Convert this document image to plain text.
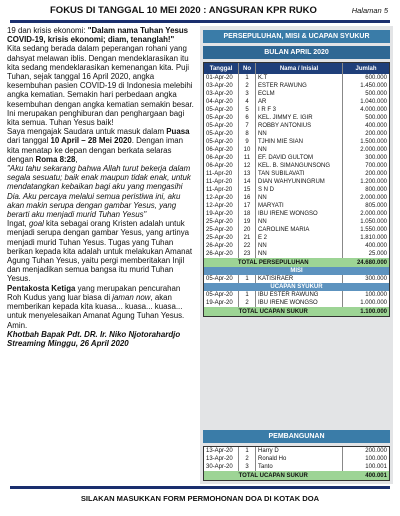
FOKUS DI TANGGAL 10 MEI 2020 : ANGSURAN KPR RUKO	Halaman 5

19 dan krisis ekonomi: "Dalam nama Tuhan Yesus COVID-19, krisis ekonomi; diam, tenanglah!"

Kita sedang berada dalam peperangan rohani yang dahsyat melawan iblis. Dengan mendeklarasikan itu kita sedang mendeklarasikan kemenangan kita. Puji Tuhan, sejak tanggal 16 April 2020, angka kesembuhan pasien COVID-19 di Indonesia melebihi angka kematian. Semakin hari perbedaan angka kesembuhan dengan angka kematian semakin besar. Ini merupakan penghiburan dan penghargaan bagi kita semua. Tuhan Yesus baik!

Saya mengajak Saudara untuk masuk dalam Puasa dari tanggal 10 April – 28 Mei 2020. Dengan iman kita menatap ke depan dengan berkata selaras dengan Roma 8:28,

"Aku tahu sekarang bahwa Allah turut bekerja dalam segala sesuatu; baik enak maupun tidak enak, untuk mendatangkan kebaikan bagi aku yang mengasihi Dia. Aku percaya melalui semua peristiwa ini, aku akan makin serupa dengan gambar Yesus, yang berarti aku menjadi murid Tuhan Yesus"

Ingat, goal kita sebagai orang Kristen adalah untuk menjadi serupa dengan gambar Yesus, yang artinya menjadi murid Tuhan Yesus. Tugas yang Tuhan berikan kepada kita adalah untuk melakukan Amanat Agung Tuhan Yesus, yaitu pergi memberitakan Injil dan menjadikan semua bangsa itu murid Tuhan Yesus.

Pentakosta Ketiga yang merupakan pencurahan Roh Kudus yang luar biasa di jaman now, akan memberikan kepada kita kuasa... kuasa... kuasa... untuk menyelesaikan Amanat Agung Tuhan Yesus. Amin.

Khotbah Bapak Pdt. DR. Ir. Niko Njotorahardjo Streaming Minggu, 26 April 2020

PERSEPULUHAN, MISI & UCAPAN SYUKUR
BULAN APRIL 2020
Tanggal	No	Nama / Inisial	Jumlah
01-Apr-20	1	K.T	600.000
03-Apr-20	2	ESTER RAWUNG	1.450.000
03-Apr-20	3	ECLM	500.000
04-Apr-20	4	AR	1.040.000
05-Apr-20	5	I R F 3	4.000.000
05-Apr-20	6	KEL. JIMMY E. IGIR	500.000
05-Apr-20	7	ROBBY ANTONIUS	400.000
05-Apr-20	8	NN	200.000
05-Apr-20	9	TJHIN MIE SIAN	1.500.000
06-Apr-20	10	NN	2.000.000
06-Apr-20	11	EF. DAVID GULTOM	300.000
06-Apr-20	12	KEL. B. SIMANGUNSONG	700.000
11-Apr-20	13	TAN SUBILAVATI	200.000
11-Apr-20	14	DIAN WAHYUNINGRUM	1.200.000
11-Apr-20	15	S N D	800.000
12-Apr-20	16	NN	2.000.000
12-Apr-20	17	MARYATI	805.000
19-Apr-20	18	IBU IRENE WONGSO	2.000.000
25-Apr-20	19	NN	1.050.000
25-Apr-20	20	CAROLINE MARIA	1.550.000
25-Apr-20	21	E 2	1.810.000
26-Apr-20	22	NN	400.000
26-Apr-20	23	NN	25.000
TOTAL PERSEPULUHAN			24.680.000
MISI			
05-Apr-20	1	KATISIRAER	300.000
UCAPAN SYUKUR			
05-Apr-20	1	IBU ESTER RAWUNG	100.000
19-Apr-20	2	IBU IRENE WONGSO	1.000.000
TOTAL UCAPAN SUKUR			1.100.000
PEMBANGUNAN
13-Apr-20	1	Harry D	200.000
13-Apr-20	2	Ronald Ho	100.000
30-Apr-20	3	Tanto	100.001
TOTAL UCAPAN SUKUR			400.001
SILAKAN MASUKKAN FORM PERMOHONAN DOA DI KOTAK DOA
